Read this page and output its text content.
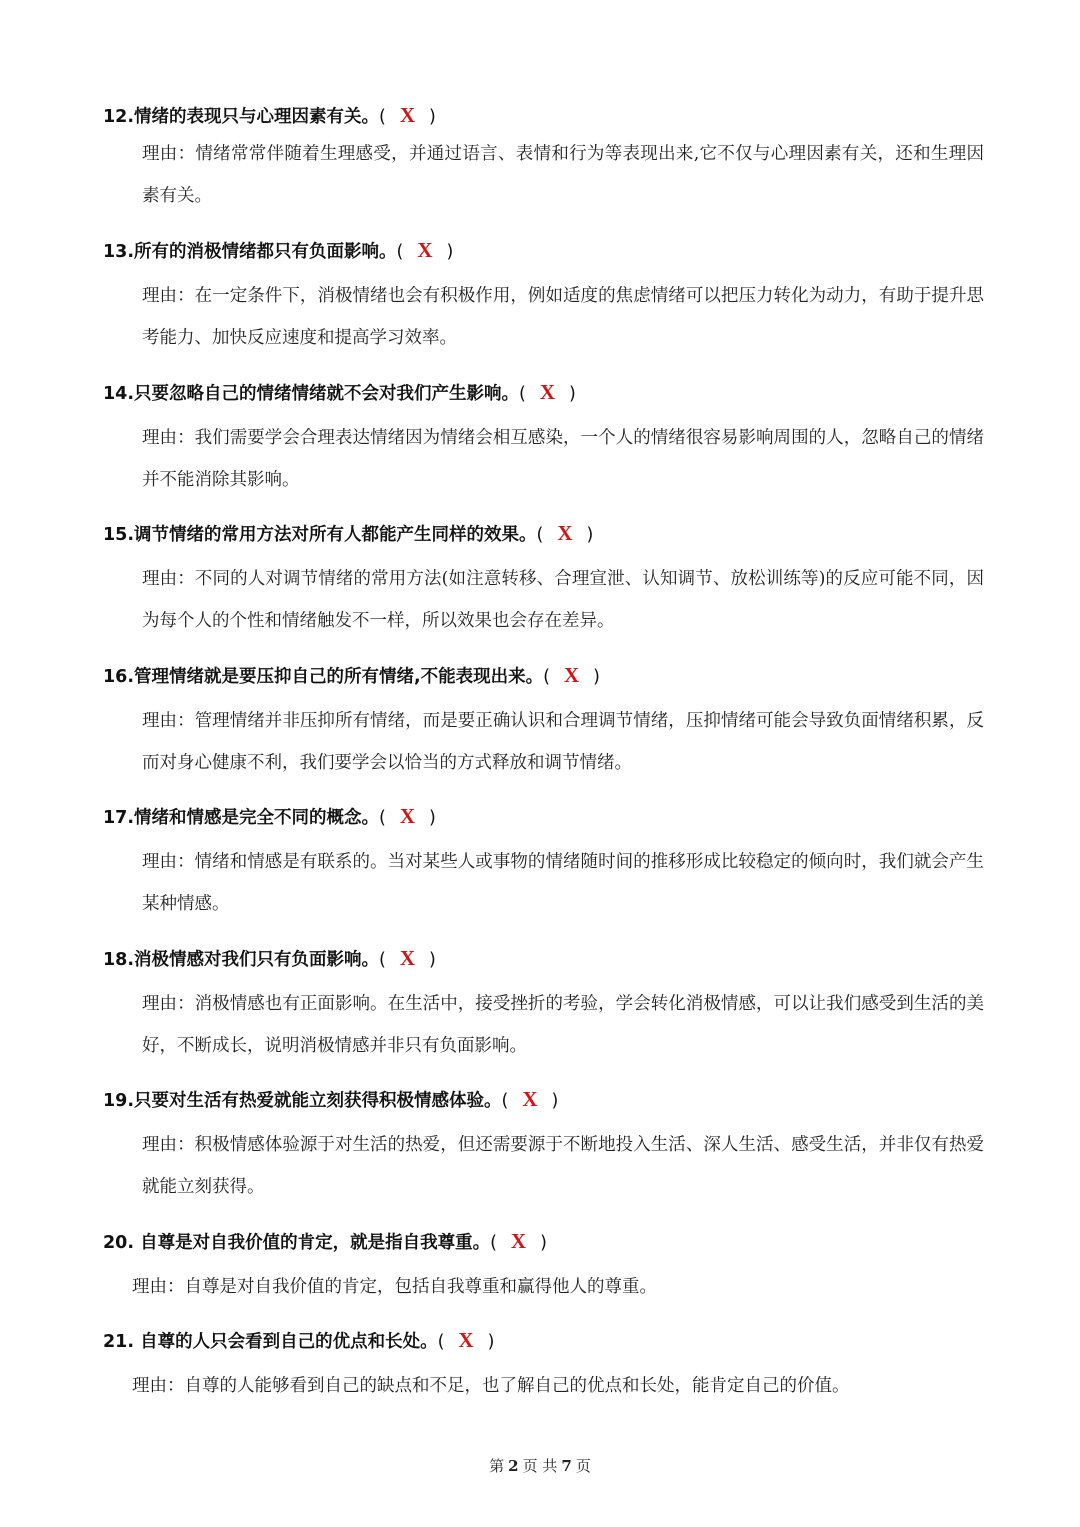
12.情绪的表现只与心理因素有关。( X )

理由：情绪常常伴随着生理感受，并通过语言、表情和行为等表现出来,它不仅与心理因素有关，还和生理因素有关。

13.所有的消极情绪都只有负面影响。( X )

理由：在一定条件下，消极情绪也会有积极作用，例如适度的焦虑情绪可以把压力转化为动力，有助于提升思考能力、加快反应速度和提高学习效率。

14.只要忽略自己的情绪情绪就不会对我们产生影响。( X )

理由：我们需要学会合理表达情绪因为情绪会相互感染，一个人的情绪很容易影响周围的人，忽略自己的情绪并不能消除其影响。

15.调节情绪的常用方法对所有人都能产生同样的效果。( X )

理由：不同的人对调节情绪的常用方法(如注意转移、合理宣泄、认知调节、放松训练等)的反应可能不同，因为每个人的个性和情绪触发不一样，所以效果也会存在差异。

16.管理情绪就是要压抑自己的所有情绪,不能表现出来。( X )

理由：管理情绪并非压抑所有情绪，而是要正确认识和合理调节情绪，压抑情绪可能会导致负面情绪积累，反而对身心健康不利，我们要学会以恰当的方式释放和调节情绪。

17.情绪和情感是完全不同的概念。( X )

理由：情绪和情感是有联系的。当对某些人或事物的情绪随时间的推移形成比较稳定的倾向时，我们就会产生某种情感。

18.消极情感对我们只有负面影响。( X )

理由：消极情感也有正面影响。在生活中，接受挫折的考验，学会转化消极情感，可以让我们感受到生活的美好，不断成长，说明消极情感并非只有负面影响。

19.只要对生活有热爱就能立刻获得积极情感体验。( X )

理由：积极情感体验源于对生活的热爱，但还需要源于不断地投入生活、深人生活、感受生活，并非仅有热爱就能立刻获得。

20. 自尊是对自我价值的肯定，就是指自我尊重。( X )

理由：自尊是对自我价值的肯定，包括自我尊重和赢得他人的尊重。

21. 自尊的人只会看到自己的优点和长处。( X )

理由：自尊的人能够看到自己的缺点和不足，也了解自己的优点和长处，能肯定自己的价值。

第 2 页 共 7 页
